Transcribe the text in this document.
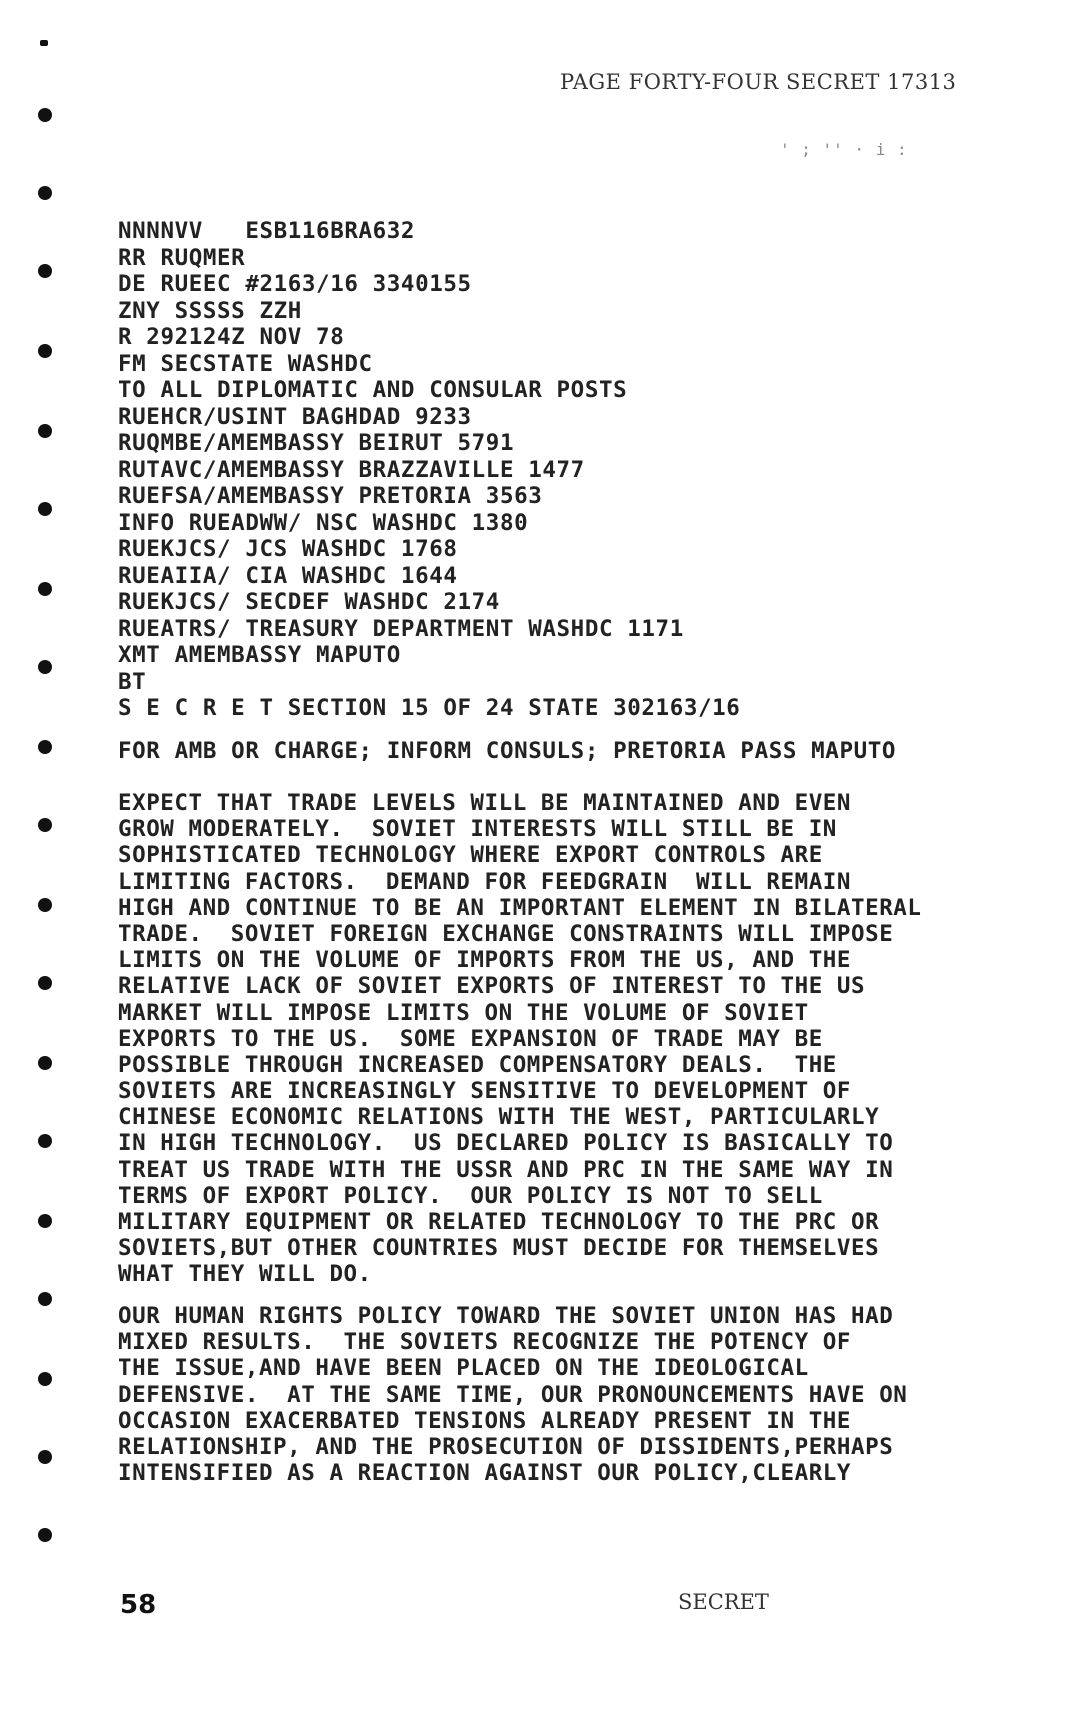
PAGE FORTY-FOUR SECRET 17313
' ; '' · i :
NNNNVV   ESB116BRA632
RR RUQMER
DE RUEEC #2163/16 3340155
ZNY SSSSS ZZH
R 292124Z NOV 78
FM SECSTATE WASHDC
TO ALL DIPLOMATIC AND CONSULAR POSTS
RUEHCR/USINT BAGHDAD 9233
RUQMBE/AMEMBASSY BEIRUT 5791
RUTAVC/AMEMBASSY BRAZZAVILLE 1477
RUEFSA/AMEMBASSY PRETORIA 3563
INFO RUEADWW/ NSC WASHDC 1380
RUEKJCS/ JCS WASHDC 1768
RUEAIIA/ CIA WASHDC 1644
RUEKJCS/ SECDEF WASHDC 2174
RUEATRS/ TREASURY DEPARTMENT WASHDC 1171
XMT AMEMBASSY MAPUTO
BT
S E C R E T SECTION 15 OF 24 STATE 302163/16
FOR AMB OR CHARGE; INFORM CONSULS; PRETORIA PASS MAPUTO
EXPECT THAT TRADE LEVELS WILL BE MAINTAINED AND EVEN
GROW MODERATELY.  SOVIET INTERESTS WILL STILL BE IN
SOPHISTICATED TECHNOLOGY WHERE EXPORT CONTROLS ARE
LIMITING FACTORS.  DEMAND FOR FEEDGRAIN  WILL REMAIN
HIGH AND CONTINUE TO BE AN IMPORTANT ELEMENT IN BILATERAL
TRADE.  SOVIET FOREIGN EXCHANGE CONSTRAINTS WILL IMPOSE
LIMITS ON THE VOLUME OF IMPORTS FROM THE US, AND THE
RELATIVE LACK OF SOVIET EXPORTS OF INTEREST TO THE US
MARKET WILL IMPOSE LIMITS ON THE VOLUME OF SOVIET
EXPORTS TO THE US.  SOME EXPANSION OF TRADE MAY BE
POSSIBLE THROUGH INCREASED COMPENSATORY DEALS.  THE
SOVIETS ARE INCREASINGLY SENSITIVE TO DEVELOPMENT OF
CHINESE ECONOMIC RELATIONS WITH THE WEST, PARTICULARLY
IN HIGH TECHNOLOGY.  US DECLARED POLICY IS BASICALLY TO
TREAT US TRADE WITH THE USSR AND PRC IN THE SAME WAY IN
TERMS OF EXPORT POLICY.  OUR POLICY IS NOT TO SELL
MILITARY EQUIPMENT OR RELATED TECHNOLOGY TO THE PRC OR
SOVIETS,BUT OTHER COUNTRIES MUST DECIDE FOR THEMSELVES
WHAT THEY WILL DO.
OUR HUMAN RIGHTS POLICY TOWARD THE SOVIET UNION HAS HAD
MIXED RESULTS.  THE SOVIETS RECOGNIZE THE POTENCY OF
THE ISSUE,AND HAVE BEEN PLACED ON THE IDEOLOGICAL
DEFENSIVE.  AT THE SAME TIME, OUR PRONOUNCEMENTS HAVE ON
OCCASION EXACERBATED TENSIONS ALREADY PRESENT IN THE
RELATIONSHIP, AND THE PROSECUTION OF DISSIDENTS,PERHAPS
INTENSIFIED AS A REACTION AGAINST OUR POLICY,CLEARLY
58	SECRET
